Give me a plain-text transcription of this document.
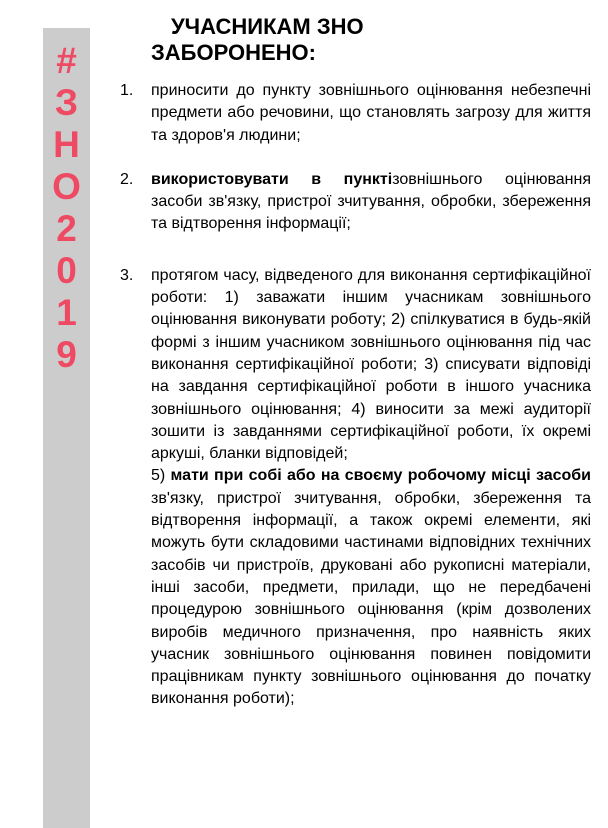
#
З
Н
О
2
0
1
9
УЧАСНИКАМ ЗНО
ЗАБОРОНЕНО:
1. приносити до пункту зовнішнього оцінювання небезпечні предмети або речовини, що становлять загрозу для життя та здоров'я людини;
2. використовувати в пунктізовнішнього оцінювання засоби зв'язку, пристрої зчитування, обробки, збереження та відтворення інформації;
3. протягом часу, відведеного для виконання сертифікаційної роботи: 1) заважати іншим учасникам зовнішнього оцінювання виконувати роботу; 2) спілкуватися в будь-якій формі з іншим учасником зовнішнього оцінювання під час виконання сертифікаційної роботи; 3) списувати відповіді на завдання сертифікаційної роботи в іншого учасника зовнішнього оцінювання; 4) виносити за межі аудиторії зошити із завданнями сертифікаційної роботи, їх окремі аркуші, бланки відповідей;

5) мати при собі або на своєму робочому місці засоби зв'язку, пристрої зчитування, обробки, збереження та відтворення інформації, а також окремі елементи, які можуть бути складовими частинами відповідних технічних засобів чи пристроїв, друковані або рукописні матеріали, інші засоби, предмети, прилади, що не передбачені процедурою зовнішнього оцінювання (крім дозволених виробів медичного призначення, про наявність яких учасник зовнішнього оцінювання повинен повідомити працівникам пункту зовнішнього оцінювання до початку виконання роботи);
